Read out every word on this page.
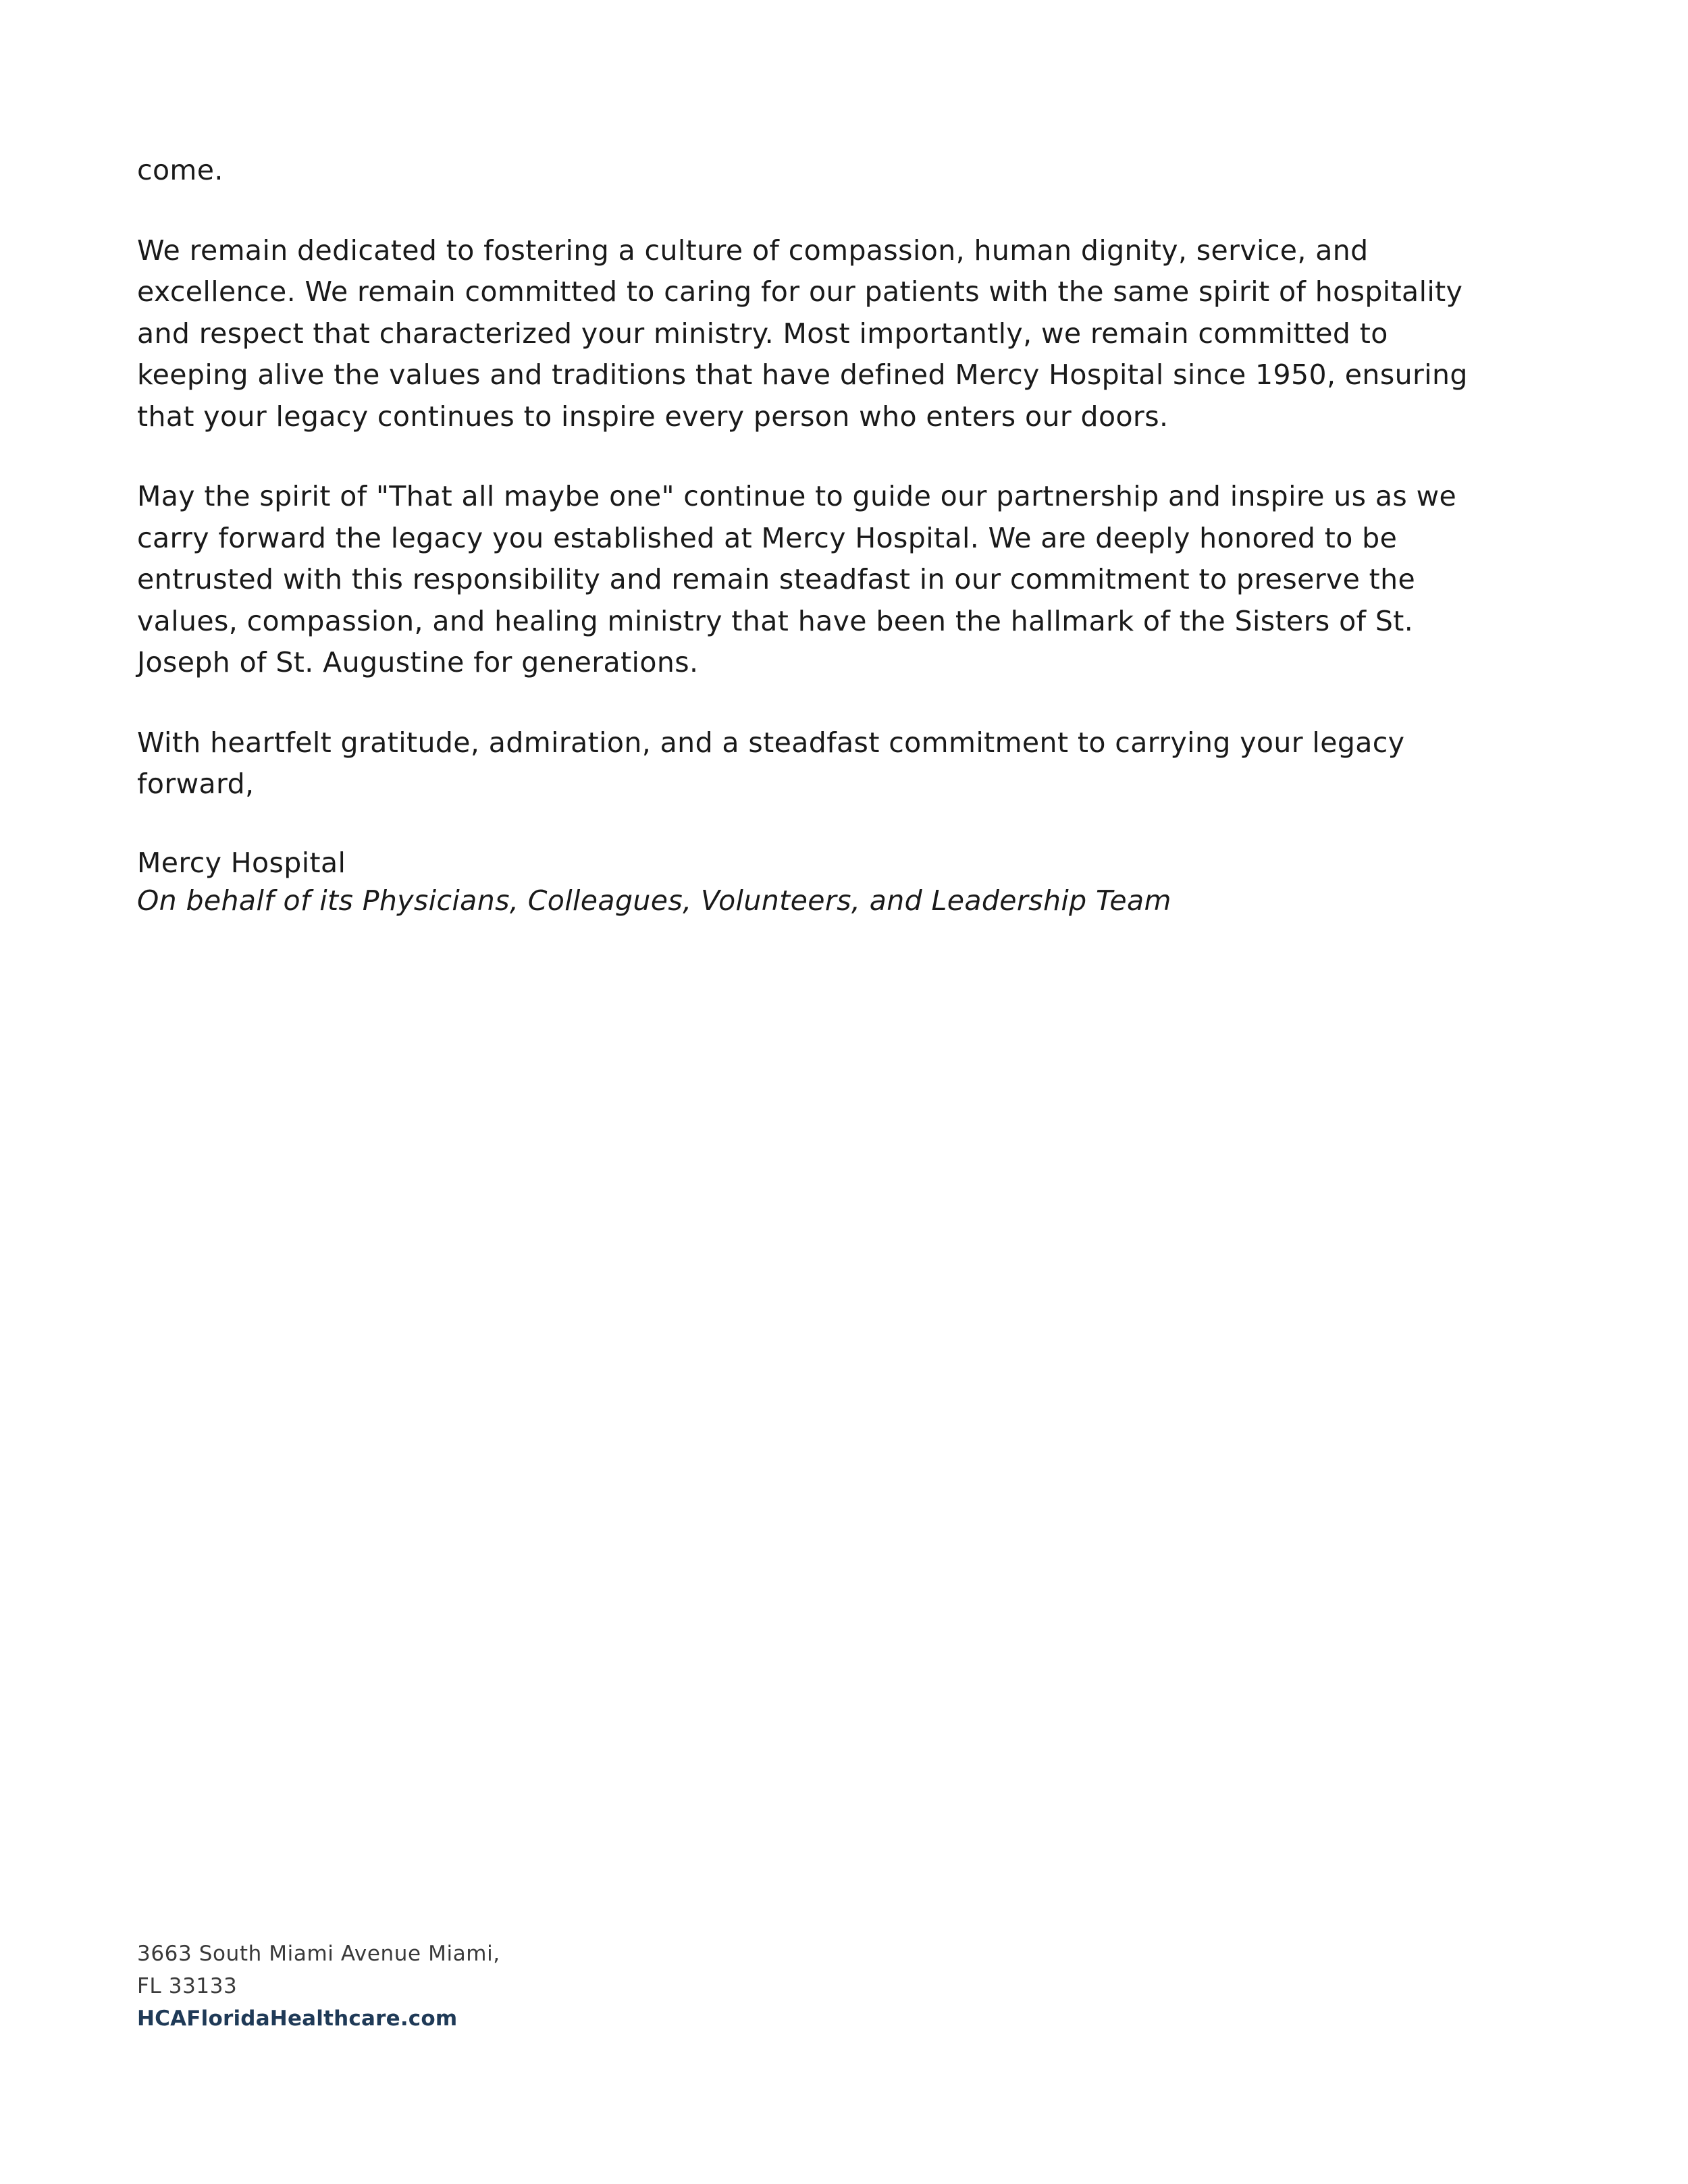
come.

We remain dedicated to fostering a culture of compassion, human dignity, service, and excellence. We remain committed to caring for our patients with the same spirit of hospitality and respect that characterized your ministry. Most importantly, we remain committed to keeping alive the values and traditions that have defined Mercy Hospital since 1950, ensuring that your legacy continues to inspire every person who enters our doors.

May the spirit of "That all maybe one" continue to guide our partnership and inspire us as we carry forward the legacy you established at Mercy Hospital. We are deeply honored to be entrusted with this responsibility and remain steadfast in our commitment to preserve the values, compassion, and healing ministry that have been the hallmark of the Sisters of St. Joseph of St. Augustine for generations.

With heartfelt gratitude, admiration, and a steadfast commitment to carrying your legacy forward,

Mercy Hospital
On behalf of its Physicians, Colleagues, Volunteers, and Leadership Team
3663 South Miami Avenue Miami,
FL 33133
HCAFloridaHealthcare.com
